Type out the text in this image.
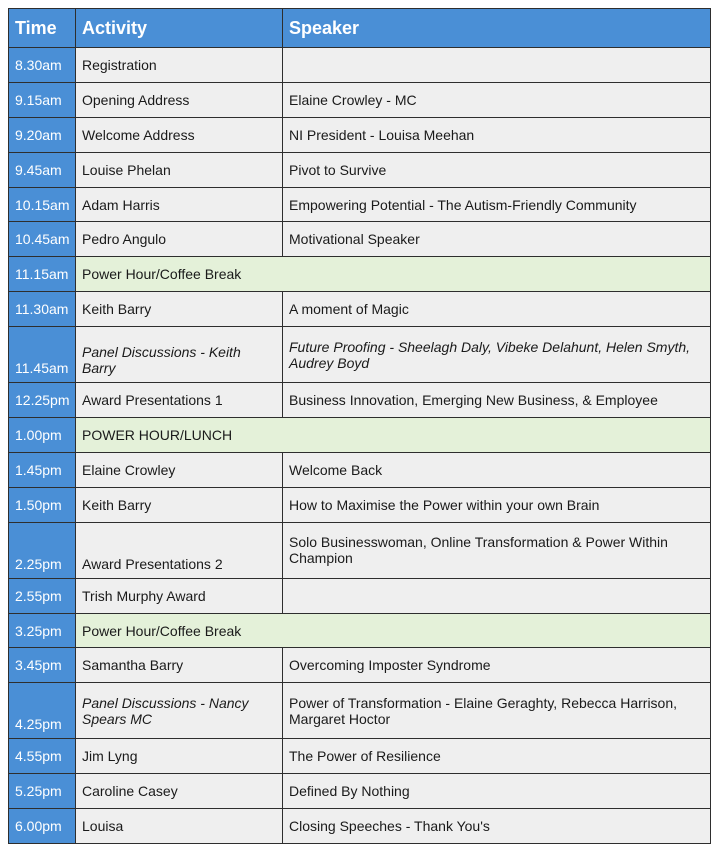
Time	Activity	Speaker
8.30am	Registration	
9.15am	Opening Address	Elaine Crowley - MC
9.20am	Welcome Address	NI President - Louisa Meehan
9.45am	Louise Phelan	Pivot to Survive
10.15am	Adam Harris	Empowering Potential - The Autism-Friendly Community
10.45am	Pedro Angulo	Motivational Speaker
11.15am	Power Hour/Coffee Break	
11.30am	Keith Barry	A moment of Magic
11.45am	Panel Discussions - Keith Barry	Future Proofing - Sheelagh Daly, Vibeke Delahunt, Helen Smyth, Audrey Boyd

12.25pm	Award Presentations 1	Business Innovation, Emerging New Business, & Employee
1.00pm	POWER HOUR/LUNCH	
1.45pm	Elaine Crowley	Welcome Back
1.50pm	Keith Barry	How to Maximise the Power within your own Brain
2.25pm	Award Presentations 2	Solo Businesswoman, Online Transformation & Power Within Champion

2.55pm	Trish Murphy Award	
3.25pm	Power Hour/Coffee Break	
3.45pm	Samantha Barry	Overcoming Imposter Syndrome
4.25pm	Panel Discussions - Nancy Spears MC	Power of Transformation - Elaine Geraghty, Rebecca Harrison, Margaret Hoctor

4.55pm	Jim Lyng	The Power of Resilience
5.25pm	Caroline Casey	Defined By Nothing
6.00pm	Louisa	Closing Speeches - Thank You's
